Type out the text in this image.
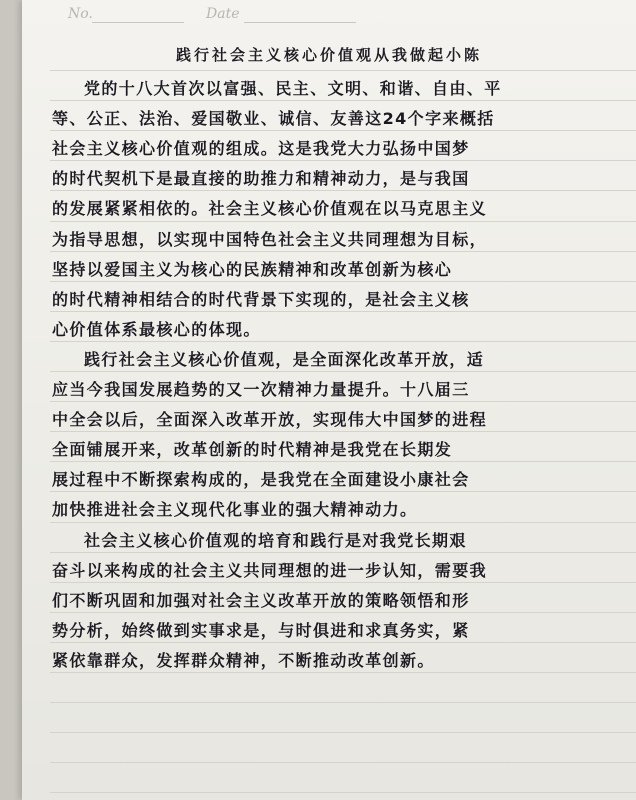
No.	Date
践行社会主义核心价值观从我做起小陈
党的十八大首次以富强、民主、文明、和谐、自由、平
等、公正、法治、爱国敬业、诚信、友善这24个字来概括
社会主义核心价值观的组成。这是我党大力弘扬中国梦
的时代契机下是最直接的助推力和精神动力，是与我国
的发展紧紧相依的。社会主义核心价值观在以马克思主义
为指导思想，以实现中国特色社会主义共同理想为目标，
坚持以爱国主义为核心的民族精神和改革创新为核心
的时代精神相结合的时代背景下实现的，是社会主义核
心价值体系最核心的体现。
践行社会主义核心价值观，是全面深化改革开放，适
应当今我国发展趋势的又一次精神力量提升。十八届三
中全会以后，全面深入改革开放，实现伟大中国梦的进程
全面铺展开来，改革创新的时代精神是我党在长期发
展过程中不断探索构成的，是我党在全面建设小康社会
加快推进社会主义现代化事业的强大精神动力。
社会主义核心价值观的培育和践行是对我党长期艰
奋斗以来构成的社会主义共同理想的进一步认知，需要我
们不断巩固和加强对社会主义改革开放的策略领悟和形
势分析，始终做到实事求是，与时俱进和求真务实，紧
紧依靠群众，发挥群众精神，不断推动改革创新。
